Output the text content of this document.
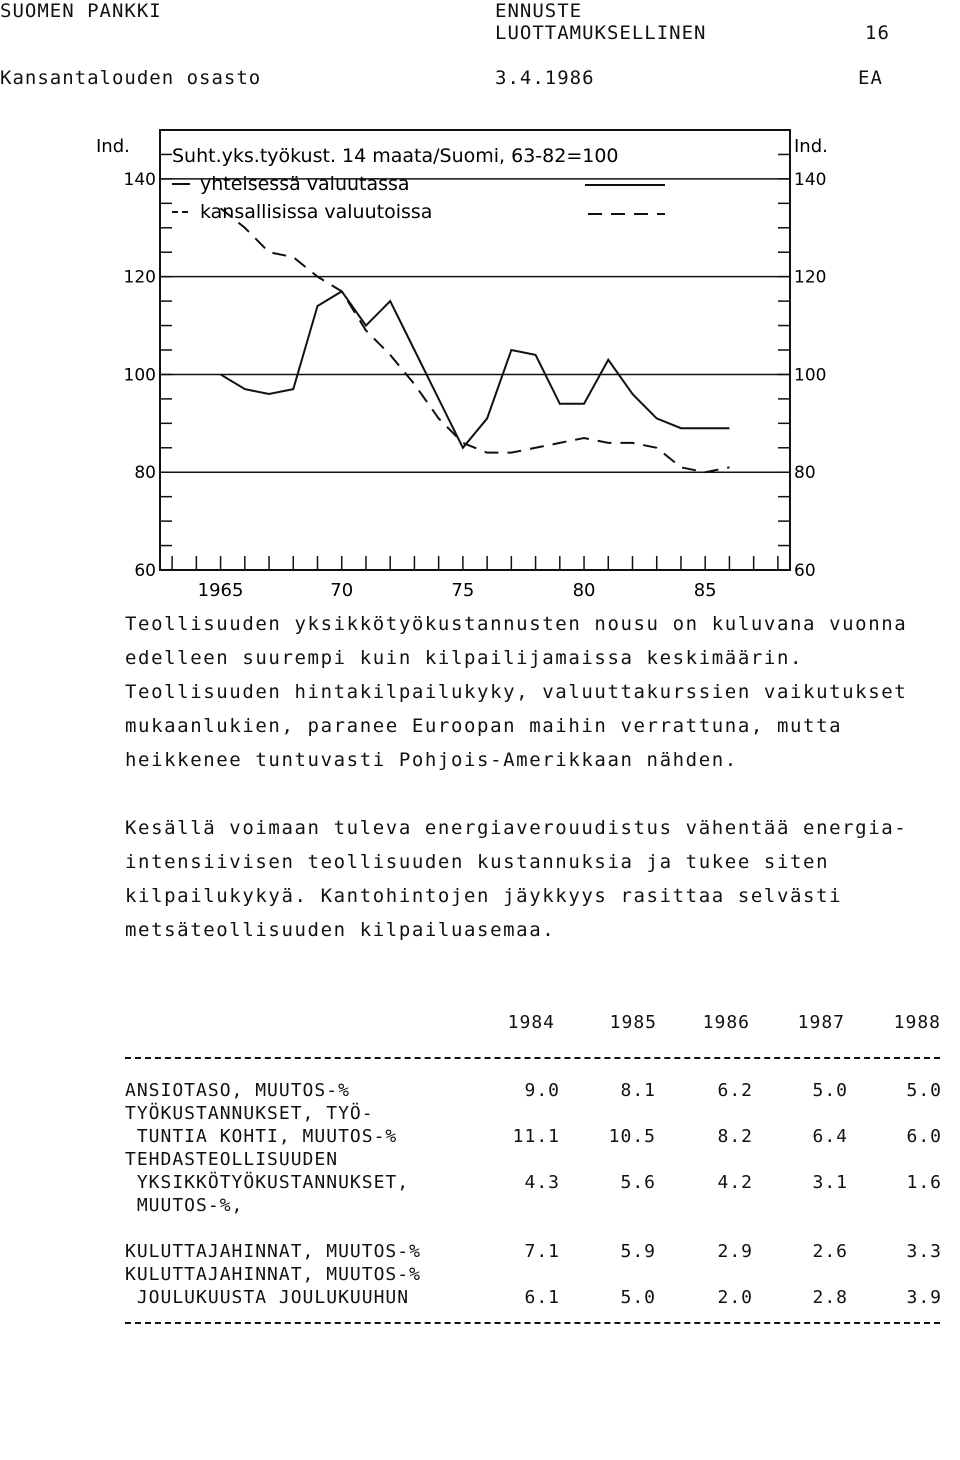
SUOMEN PANKKI	ENNUSTE
LUOTTAMUKSELLINEN	16
Kansantalouden osasto	3.4.1986	EA
60	60
80	80
100	100
120	120
140	140
Ind.	Ind.
1965	70	75	80	85
Suht.yks.työkust. 14 maata/Suomi, 63-82=100
yhteisessä valuutassa
kansallisissa valuutoissa
Teollisuuden yksikkötyökustannusten nousu on kuluvana vuonna
edelleen suurempi kuin kilpailijamaissa keskimäärin.
Teollisuuden hintakilpailukyky, valuuttakurssien vaikutukset
mukaanlukien, paranee Euroopan maihin verrattuna, mutta
heikkenee tuntuvasti Pohjois-Amerikkaan nähden.
Kesällä voimaan tuleva energiaverouudistus vähentää energia-
intensiivisen teollisuuden kustannuksia ja tukee siten
kilpailukykyä. Kantohintojen jäykkyys rasittaa selvästi
metsäteollisuuden kilpailuasemaa.
1984	1985	1986	1987	1988
ANSIOTASO, MUUTOS-%	9.0	8.1	6.2	5.0	5.0
TYÖKUSTANNUKSET, TYÖ-
TUNTIA KOHTI, MUUTOS-%	11.1	10.5	8.2	6.4	6.0
TEHDASTEOLLISUUDEN
YKSIKKÖTYÖKUSTANNUKSET,
MUUTOS-%,
4.3	5.6	4.2	3.1	1.6
KULUTTAJAHINNAT, MUUTOS-%	7.1	5.9	2.9	2.6	3.3
KULUTTAJAHINNAT, MUUTOS-%
JOULUKUUSTA JOULUKUUHUN	6.1	5.0	2.0	2.8	3.9
